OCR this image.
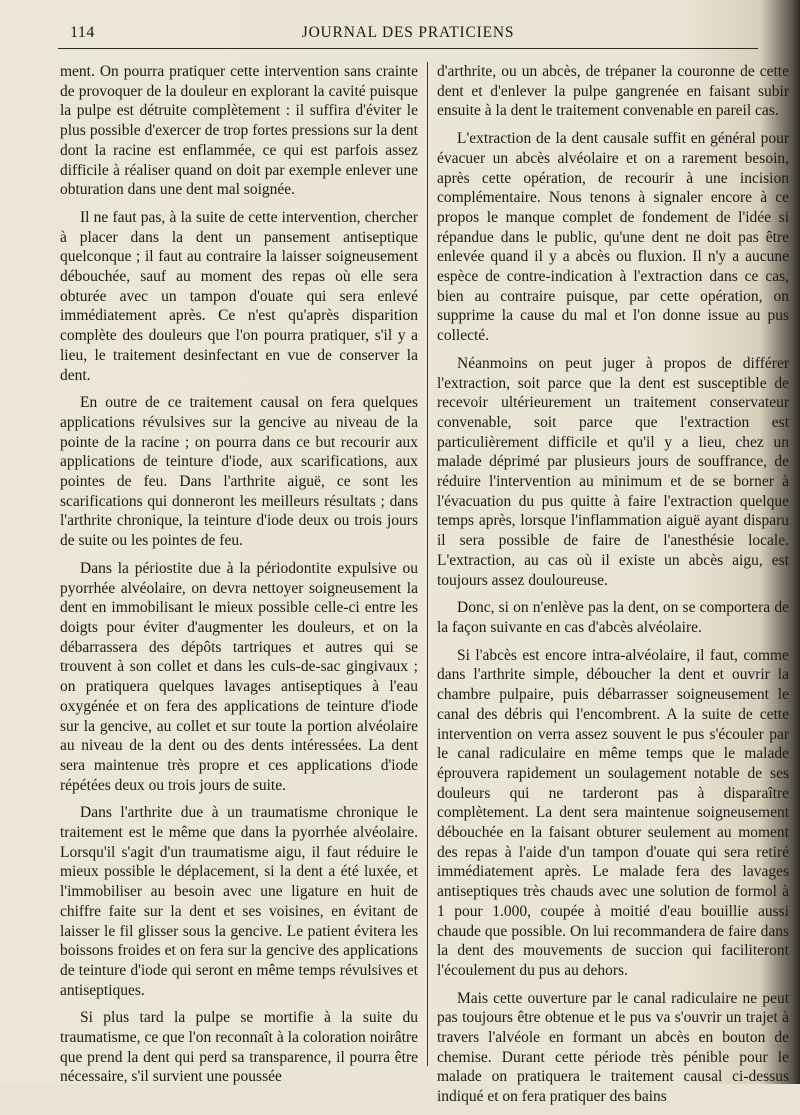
114	JOURNAL DES PRATICIENS

ment. On pourra pratiquer cette intervention sans crainte de provoquer de la douleur en explorant la cavité puisque la pulpe est détruite complètement : il suffira d'éviter le plus possible d'exercer de trop fortes pressions sur la dent dont la racine est enflammée, ce qui est parfois assez difficile à réaliser quand on doit par exemple enlever une obturation dans une dent mal soignée.

Il ne faut pas, à la suite de cette intervention, chercher à placer dans la dent un pansement antiseptique quelconque ; il faut au contraire la laisser soigneusement débouchée, sauf au moment des repas où elle sera obturée avec un tampon d'ouate qui sera enlevé immédiatement après. Ce n'est qu'après disparition complète des douleurs que l'on pourra pratiquer, s'il y a lieu, le traitement desinfectant en vue de conserver la dent.

En outre de ce traitement causal on fera quelques applications révulsives sur la gencive au niveau de la pointe de la racine ; on pourra dans ce but recourir aux applications de teinture d'iode, aux scarifications, aux pointes de feu. Dans l'arthrite aiguë, ce sont les scarifications qui donneront les meilleurs résultats ; dans l'arthrite chronique, la teinture d'iode deux ou trois jours de suite ou les pointes de feu.

Dans la périostite due à la périodontite expulsive ou pyorrhée alvéolaire, on devra nettoyer soigneusement la dent en immobilisant le mieux possible celle-ci entre les doigts pour éviter d'augmenter les douleurs, et on la débarrassera des dépôts tartriques et autres qui se trouvent à son collet et dans les culs-de-sac gingivaux ; on pratiquera quelques lavages antiseptiques à l'eau oxygénée et on fera des applications de teinture d'iode sur la gencive, au collet et sur toute la portion alvéolaire au niveau de la dent ou des dents intéressées. La dent sera maintenue très propre et ces applications d'iode répétées deux ou trois jours de suite.

Dans l'arthrite due à un traumatisme chronique le traitement est le même que dans la pyorrhée alvéolaire. Lorsqu'il s'agit d'un traumatisme aigu, il faut réduire le mieux possible le déplacement, si la dent a été luxée, et l'immobiliser au besoin avec une ligature en huit de chiffre faite sur la dent et ses voisines, en évitant de laisser le fil glisser sous la gencive. Le patient évitera les boissons froides et on fera sur la gencive des applications de teinture d'iode qui seront en même temps révulsives et antiseptiques.

Si plus tard la pulpe se mortifie à la suite du traumatisme, ce que l'on reconnaît à la coloration noirâtre que prend la dent qui perd sa transparence, il pourra être nécessaire, s'il survient une poussée

d'arthrite, ou un abcès, de trépaner la couronne de cette dent et d'enlever la pulpe gangrenée en faisant subir ensuite à la dent le traitement convenable en pareil cas.

L'extraction de la dent causale suffit en général pour évacuer un abcès alvéolaire et on a rarement besoin, après cette opération, de recourir à une incision complémentaire. Nous tenons à signaler encore à ce propos le manque complet de fondement de l'idée si répandue dans le public, qu'une dent ne doit pas être enlevée quand il y a abcès ou fluxion. Il n'y a aucune espèce de contre-indication à l'extraction dans ce cas, bien au contraire puisque, par cette opération, on supprime la cause du mal et l'on donne issue au pus collecté.

Néanmoins on peut juger à propos de différer l'extraction, soit parce que la dent est susceptible de recevoir ultérieurement un traitement conservateur convenable, soit parce que l'extraction est particulièrement difficile et qu'il y a lieu, chez un malade déprimé par plusieurs jours de souffrance, de réduire l'intervention au minimum et de se borner à l'évacuation du pus quitte à faire l'extraction quelque temps après, lorsque l'inflammation aiguë ayant disparu il sera possible de faire de l'anesthésie locale. L'extraction, au cas où il existe un abcès aigu, est toujours assez douloureuse.

Donc, si on n'enlève pas la dent, on se comportera de la façon suivante en cas d'abcès alvéolaire.

Si l'abcès est encore intra-alvéolaire, il faut, comme dans l'arthrite simple, déboucher la dent et ouvrir la chambre pulpaire, puis débarrasser soigneusement le canal des débris qui l'encombrent. A la suite de cette intervention on verra assez souvent le pus s'écouler par le canal radiculaire en même temps que le malade éprouvera rapidement un soulagement notable de ses douleurs qui ne tarderont pas à disparaître complètement. La dent sera maintenue soigneusement débouchée en la faisant obturer seulement au moment des repas à l'aide d'un tampon d'ouate qui sera retiré immédiatement après. Le malade fera des lavages antiseptiques très chauds avec une solution de formol à 1 pour 1.000, coupée à moitié d'eau bouillie aussi chaude que possible. On lui recommandera de faire dans la dent des mouvements de succion qui faciliteront l'écoulement du pus au dehors.

Mais cette ouverture par le canal radiculaire ne peut pas toujours être obtenue et le pus va s'ouvrir un trajet à travers l'alvéole en formant un abcès en bouton de chemise. Durant cette période très pénible pour le malade on pratiquera le traitement causal ci-dessus indiqué et on fera pratiquer des bains
